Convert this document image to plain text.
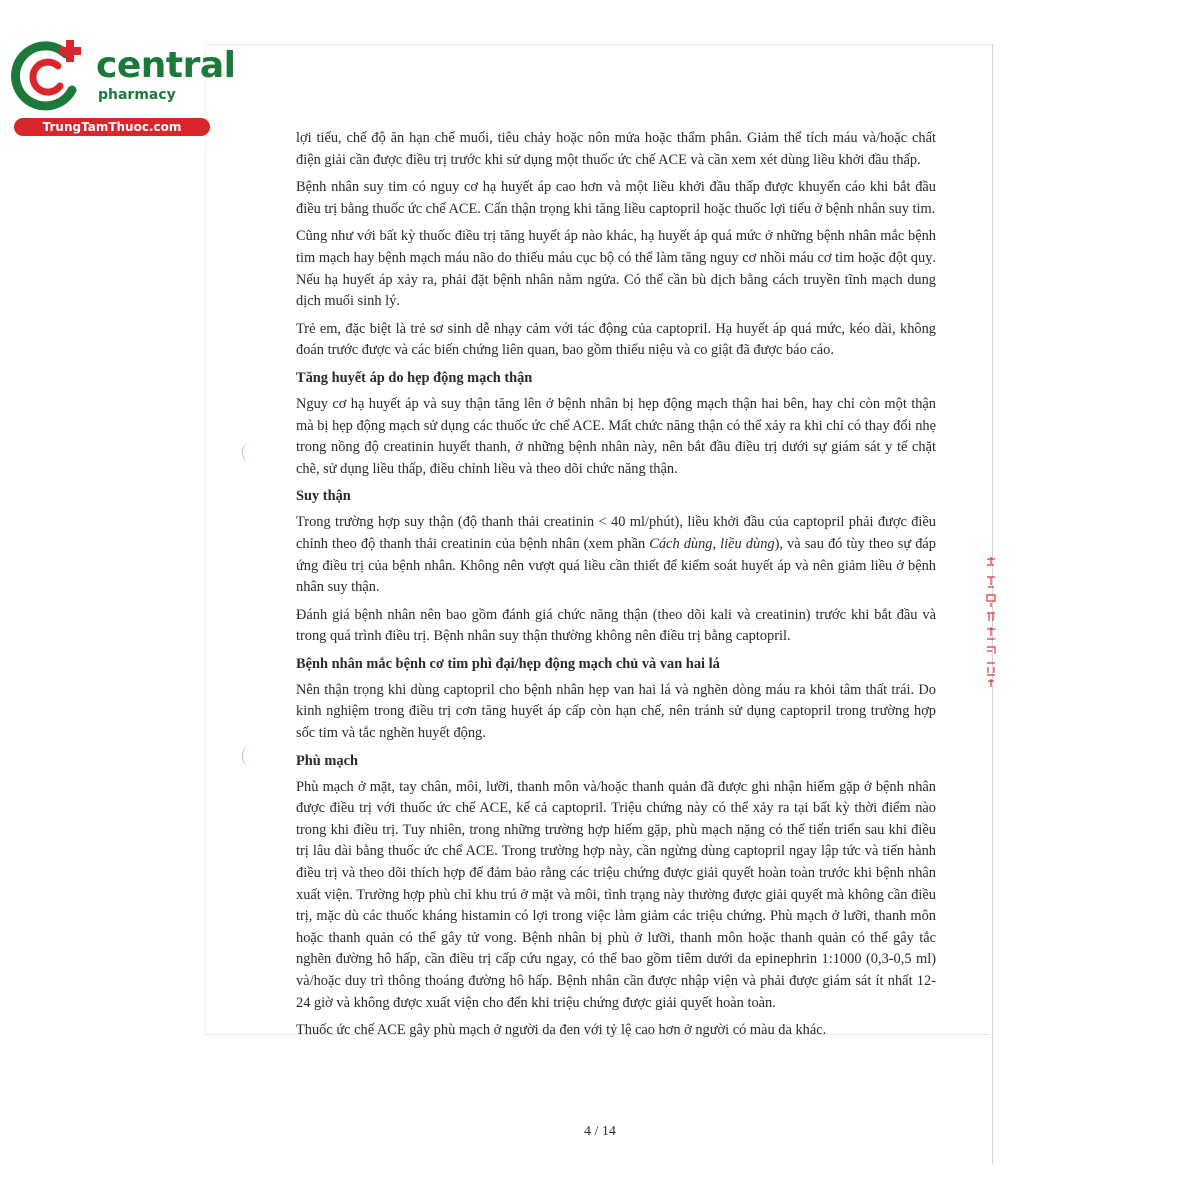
central
pharmacy
TrungTamThuoc.com

lợi tiểu, chế độ ăn hạn chế muối, tiêu chảy hoặc nôn mửa hoặc thẩm phân. Giảm thể tích máu và/hoặc chất điện giải cần được điều trị trước khi sử dụng một thuốc ức chế ACE và cần xem xét dùng liều khởi đầu thấp.

Bệnh nhân suy tim có nguy cơ hạ huyết áp cao hơn và một liều khởi đầu thấp được khuyến cáo khi bắt đầu điều trị bằng thuốc ức chế ACE. Cẩn thận trọng khi tăng liều captopril hoặc thuốc lợi tiểu ở bệnh nhân suy tim.

Cũng như với bất kỳ thuốc điều trị tăng huyết áp nào khác, hạ huyết áp quá mức ở những bệnh nhân mắc bệnh tim mạch hay bệnh mạch máu não do thiếu máu cục bộ có thể làm tăng nguy cơ nhồi máu cơ tim hoặc đột quỵ. Nếu hạ huyết áp xảy ra, phải đặt bệnh nhân nằm ngửa. Có thể cần bù dịch bằng cách truyền tĩnh mạch dung dịch muối sinh lý.

Trẻ em, đặc biệt là trẻ sơ sinh dễ nhạy cảm với tác động của captopril. Hạ huyết áp quá mức, kéo dài, không đoán trước được và các biến chứng liên quan, bao gồm thiểu niệu và co giật đã được báo cáo.

Tăng huyết áp do hẹp động mạch thận

Nguy cơ hạ huyết áp và suy thận tăng lên ở bệnh nhân bị hẹp động mạch thận hai bên, hay chỉ còn một thận mà bị hẹp động mạch sử dụng các thuốc ức chế ACE. Mất chức năng thận có thể xảy ra khi chỉ có thay đổi nhẹ trong nồng độ creatinin huyết thanh, ở những bệnh nhân này, nên bắt đầu điều trị dưới sự giám sát y tế chặt chẽ, sử dụng liều thấp, điều chỉnh liều và theo dõi chức năng thận.

Suy thận

Trong trường hợp suy thận (độ thanh thải creatinin < 40 ml/phút), liều khởi đầu của captopril phải được điều chỉnh theo độ thanh thải creatinin của bệnh nhân (xem phần Cách dùng, liều dùng), và sau đó tùy theo sự đáp ứng điều trị của bệnh nhân. Không nên vượt quá liều cần thiết để kiểm soát huyết áp và nên giảm liều ở bệnh nhân suy thận.

Đánh giá bệnh nhân nên bao gồm đánh giá chức năng thận (theo dõi kali và creatinin) trước khi bắt đầu và trong quá trình điều trị. Bệnh nhân suy thận thường không nên điều trị bằng captopril.

Bệnh nhân mắc bệnh cơ tim phì đại/hẹp động mạch chủ và van hai lá

Nên thận trọng khi dùng captopril cho bệnh nhân hẹp van hai lá và nghẽn dòng máu ra khỏi tâm thất trái. Do kinh nghiệm trong điều trị cơn tăng huyết áp cấp còn hạn chế, nên tránh sử dụng captopril trong trường hợp sốc tim và tắc nghẽn huyết động.

Phù mạch

Phù mạch ở mặt, tay chân, môi, lưỡi, thanh môn và/hoặc thanh quản đã được ghi nhận hiếm gặp ở bệnh nhân được điều trị với thuốc ức chế ACE, kể cả captopril. Triệu chứng này có thể xảy ra tại bất kỳ thời điểm nào trong khi điều trị. Tuy nhiên, trong những trường hợp hiếm gặp, phù mạch nặng có thể tiến triển sau khi điều trị lâu dài bằng thuốc ức chế ACE. Trong trường hợp này, cần ngừng dùng captopril ngay lập tức và tiến hành điều trị và theo dõi thích hợp để đảm bảo rằng các triệu chứng được giải quyết hoàn toàn trước khi bệnh nhân xuất viện. Trường hợp phù chỉ khu trú ở mặt và môi, tình trạng này thường được giải quyết mà không cần điều trị, mặc dù các thuốc kháng histamin có lợi trong việc làm giảm các triệu chứng. Phù mạch ở lưỡi, thanh môn hoặc thanh quản có thể gây tử vong. Bệnh nhân bị phù ở lưỡi, thanh môn hoặc thanh quản có thể gây tắc nghẽn đường hô hấp, cần điều trị cấp cứu ngay, có thể bao gồm tiêm dưới da epinephrin 1:1000 (0,3-0,5 ml) và/hoặc duy trì thông thoáng đường hô hấp. Bệnh nhân cần được nhập viện và phải được giám sát ít nhất 12-24 giờ và không được xuất viện cho đến khi triệu chứng được giải quyết hoàn toàn.

Thuốc ức chế ACE gây phù mạch ở người da đen với tỷ lệ cao hơn ở người có màu da khác.

4 / 14
